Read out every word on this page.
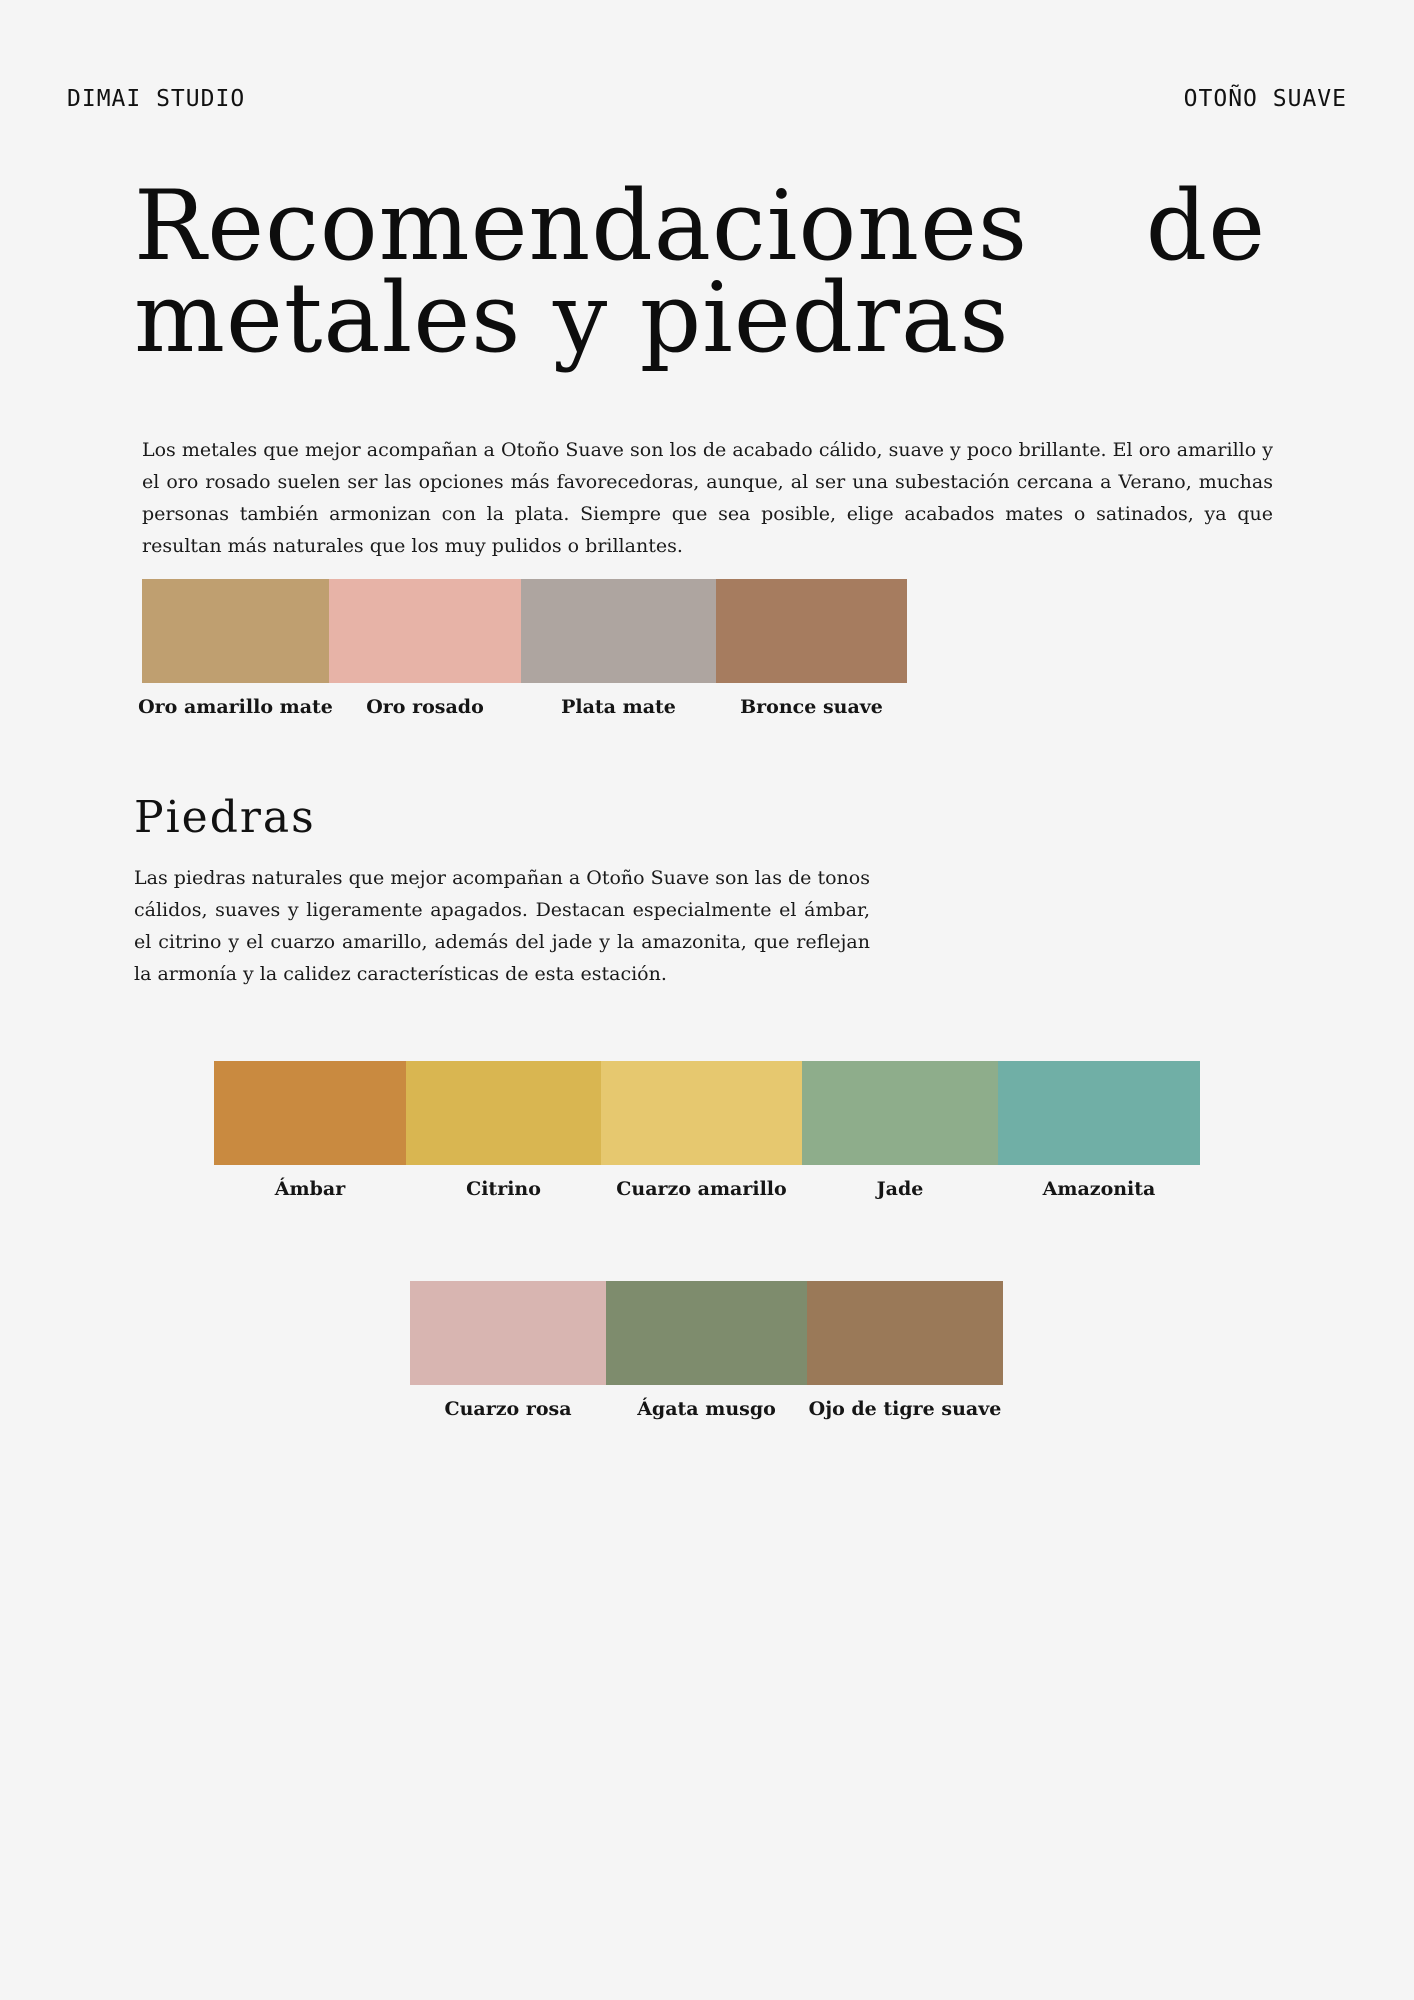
DIMAI STUDIO	OTOÑO SUAVE
Recomendaciones de
metales y piedras

Los metales que mejor acompañan a Otoño Suave son los de acabado cálido, suave y poco brillante. El oro amarillo y el oro rosado suelen ser las opciones más favorecedoras, aunque, al ser una subestación cercana a Verano, muchas personas también armonizan con la plata. Siempre que sea posible, elige acabados mates o satinados, ya que resultan más naturales que los muy pulidos o brillantes.

Oro amarillo mate Oro rosado	Plata mate	Bronce suave
Piedras

Las piedras naturales que mejor acompañan a Otoño Suave son las de tonos cálidos, suaves y ligeramente apagados. Destacan especialmente el ámbar, el citrino y el cuarzo amarillo, además del jade y la amazonita, que reflejan la armonía y la calidez características de esta estación.

Ámbar	Citrino	Cuarzo amarillo	Jade	Amazonita
Cuarzo rosa	Ágata musgo Ojo de tigre suave
